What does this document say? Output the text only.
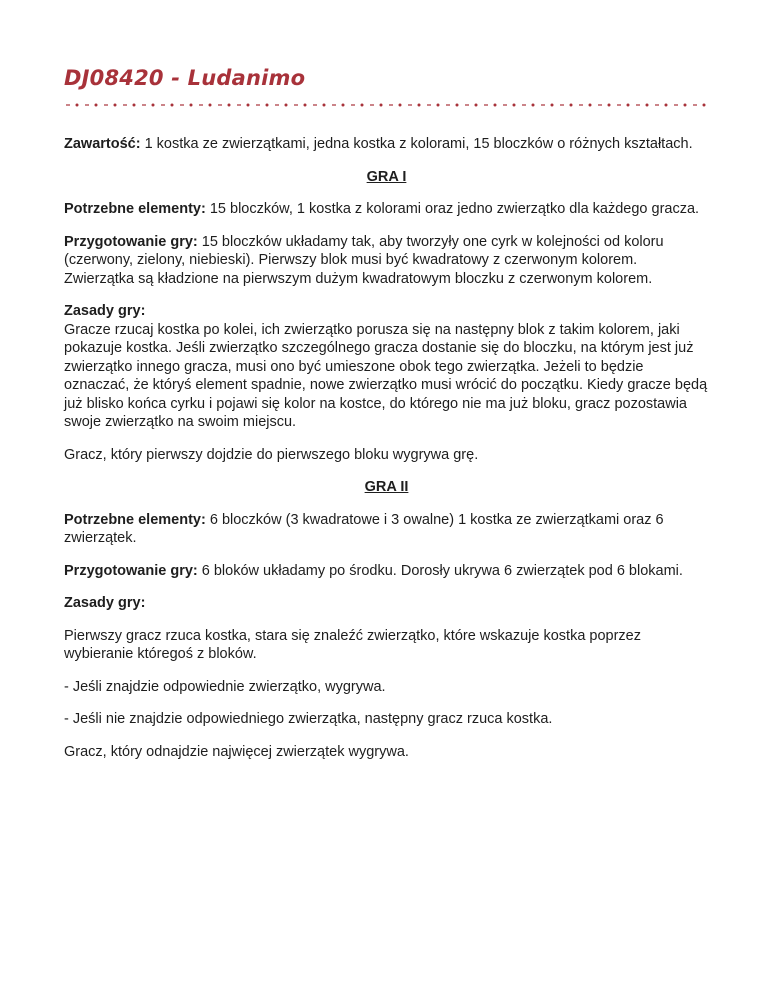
DJ08420 - Ludanimo

Zawartość: 1 kostka ze zwierzątkami, jedna kostka z kolorami, 15 bloczków o różnych kształtach.

GRA I

Potrzebne elementy: 15 bloczków, 1 kostka z kolorami oraz jedno zwierzątko dla każdego gracza.

Przygotowanie gry: 15 bloczków układamy tak, aby tworzyły one cyrk w kolejności od koloru (czerwony, zielony, niebieski). Pierwszy blok musi być kwadratowy z czerwonym kolorem. Zwierzątka są kładzione na pierwszym dużym kwadratowym bloczku z czerwonym kolorem.

Zasady gry:
Gracze rzucaj kostka po kolei, ich zwierzątko porusza się na następny blok z takim kolorem, jaki pokazuje kostka. Jeśli zwierzątko szczególnego gracza dostanie się do bloczku, na którym jest już zwierzątko innego gracza, musi ono być umieszone obok tego zwierzątka. Jeżeli to będzie oznaczać, że któryś element spadnie, nowe zwierzątko musi wrócić do początku. Kiedy gracze będą już blisko końca cyrku i pojawi się kolor na kostce, do którego nie ma już bloku, gracz pozostawia swoje zwierzątko na swoim miejscu.

Gracz, który pierwszy dojdzie do pierwszego bloku wygrywa grę.

GRA II

Potrzebne elementy: 6 bloczków (3 kwadratowe i 3 owalne) 1 kostka ze zwierzątkami oraz 6 zwierzątek.

Przygotowanie gry: 6 bloków układamy po środku. Dorosły ukrywa 6 zwierzątek pod 6 blokami.

Zasady gry:

Pierwszy gracz rzuca kostka, stara się znaleźć zwierzątko, które wskazuje kostka poprzez wybieranie któregoś z bloków.

- Jeśli znajdzie odpowiednie zwierzątko, wygrywa.

- Jeśli nie znajdzie odpowiedniego zwierzątka, następny gracz rzuca kostka.

Gracz, który odnajdzie najwięcej zwierzątek wygrywa.
